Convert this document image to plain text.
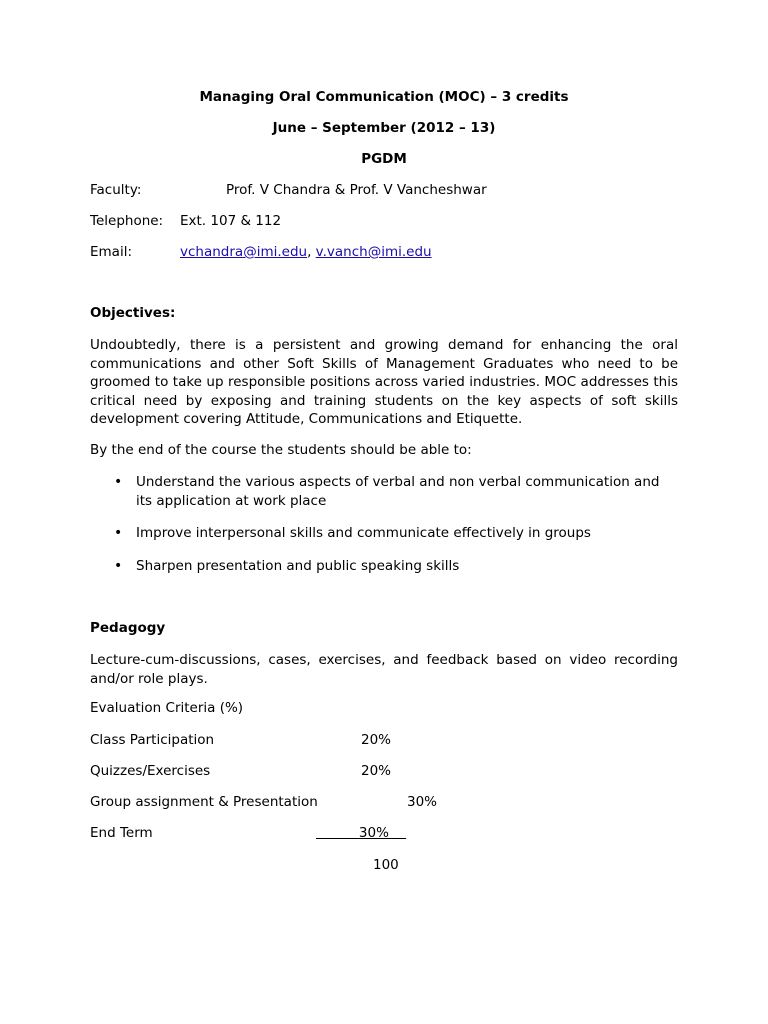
Managing Oral Communication (MOC) – 3 credits
June – September (2012 – 13)
PGDM
Faculty:	Prof. V Chandra & Prof. V Vancheshwar
Telephone: Ext. 107 & 112
Email:	vchandra@imi.edu, v.vanch@imi.edu
Objectives:
Undoubtedly, there is a persistent and growing demand for enhancing the oral communications and other Soft Skills of Management Graduates who need to be groomed to take up responsible positions across varied industries. MOC addresses this critical need by exposing and training students on the key aspects of soft skills development covering Attitude, Communications and Etiquette.
By the end of the course the students should be able to:
• Understand the various aspects of verbal and non verbal communication and its application at work place
• Improve interpersonal skills and communicate effectively in groups
• Sharpen presentation and public speaking skills
Pedagogy
Lecture-cum-discussions, cases, exercises, and feedback based on video recording and/or role plays.
Evaluation Criteria (%)
Class Participation	20%
Quizzes/Exercises	20%
Group assignment & Presentation	30%
End Term	30%
100
